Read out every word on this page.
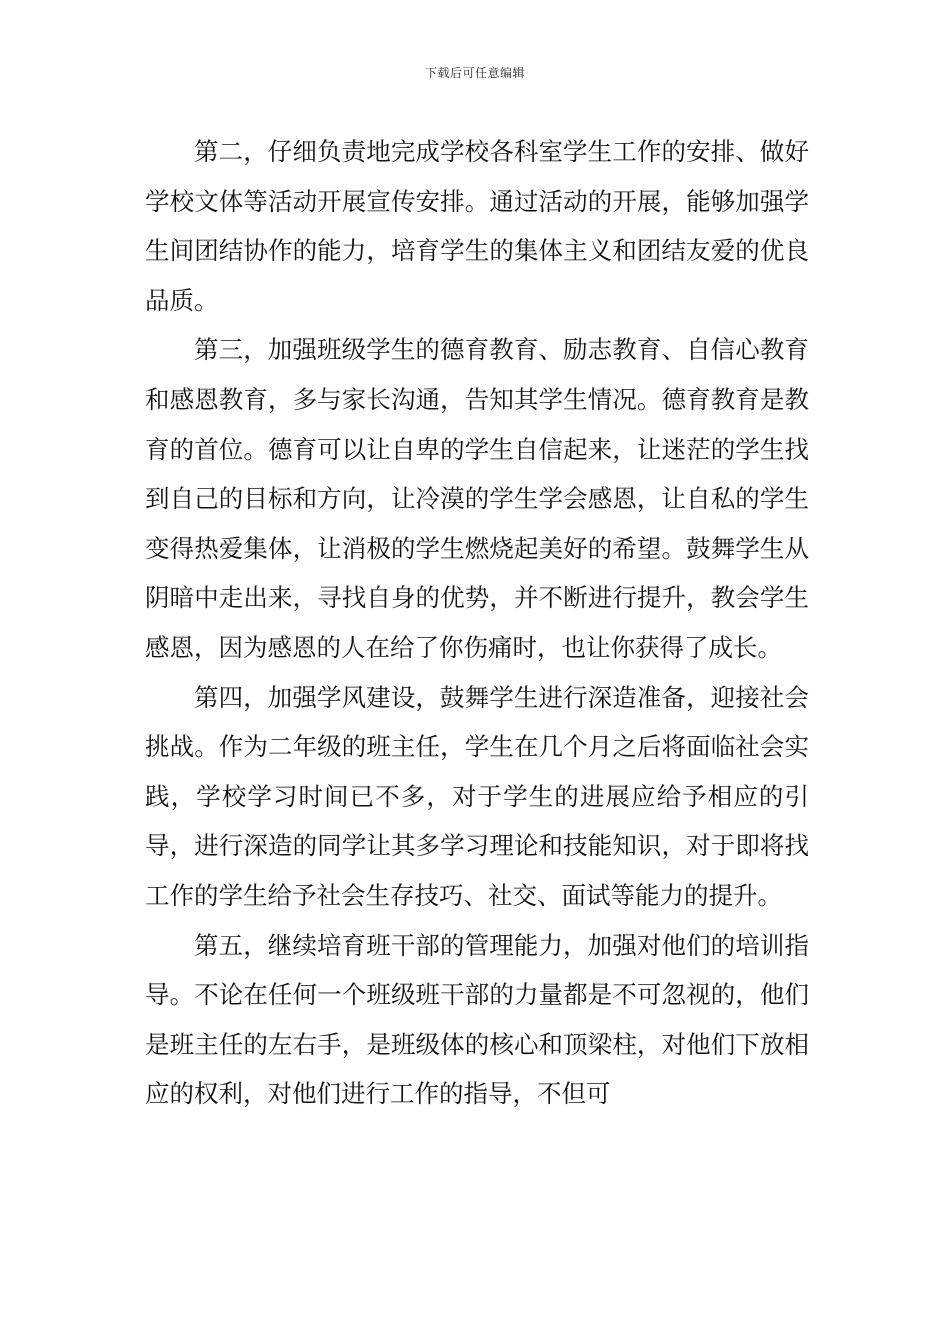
下载后可任意编辑

第二，仔细负责地完成学校各科室学生工作的安排、做好学校文体等活动开展宣传安排。通过活动的开展，能够加强学生间团结协作的能力，培育学生的集体主义和团结友爱的优良品质。

第三，加强班级学生的德育教育、励志教育、自信心教育和感恩教育，多与家长沟通，告知其学生情况。德育教育是教育的首位。德育可以让自卑的学生自信起来，让迷茫的学生找到自己的目标和方向，让冷漠的学生学会感恩，让自私的学生变得热爱集体，让消极的学生燃烧起美好的希望。鼓舞学生从阴暗中走出来，寻找自身的优势，并不断进行提升，教会学生感恩，因为感恩的人在给了你伤痛时，也让你获得了成长。

第四，加强学风建设，鼓舞学生进行深造准备，迎接社会挑战。作为二年级的班主任，学生在几个月之后将面临社会实践，学校学习时间已不多，对于学生的进展应给予相应的引导，进行深造的同学让其多学习理论和技能知识，对于即将找工作的学生给予社会生存技巧、社交、面试等能力的提升。

第五，继续培育班干部的管理能力，加强对他们的培训指导。不论在任何一个班级班干部的力量都是不可忽视的，他们是班主任的左右手，是班级体的核心和顶梁柱，对他们下放相应的权利，对他们进行工作的指导，不但可
